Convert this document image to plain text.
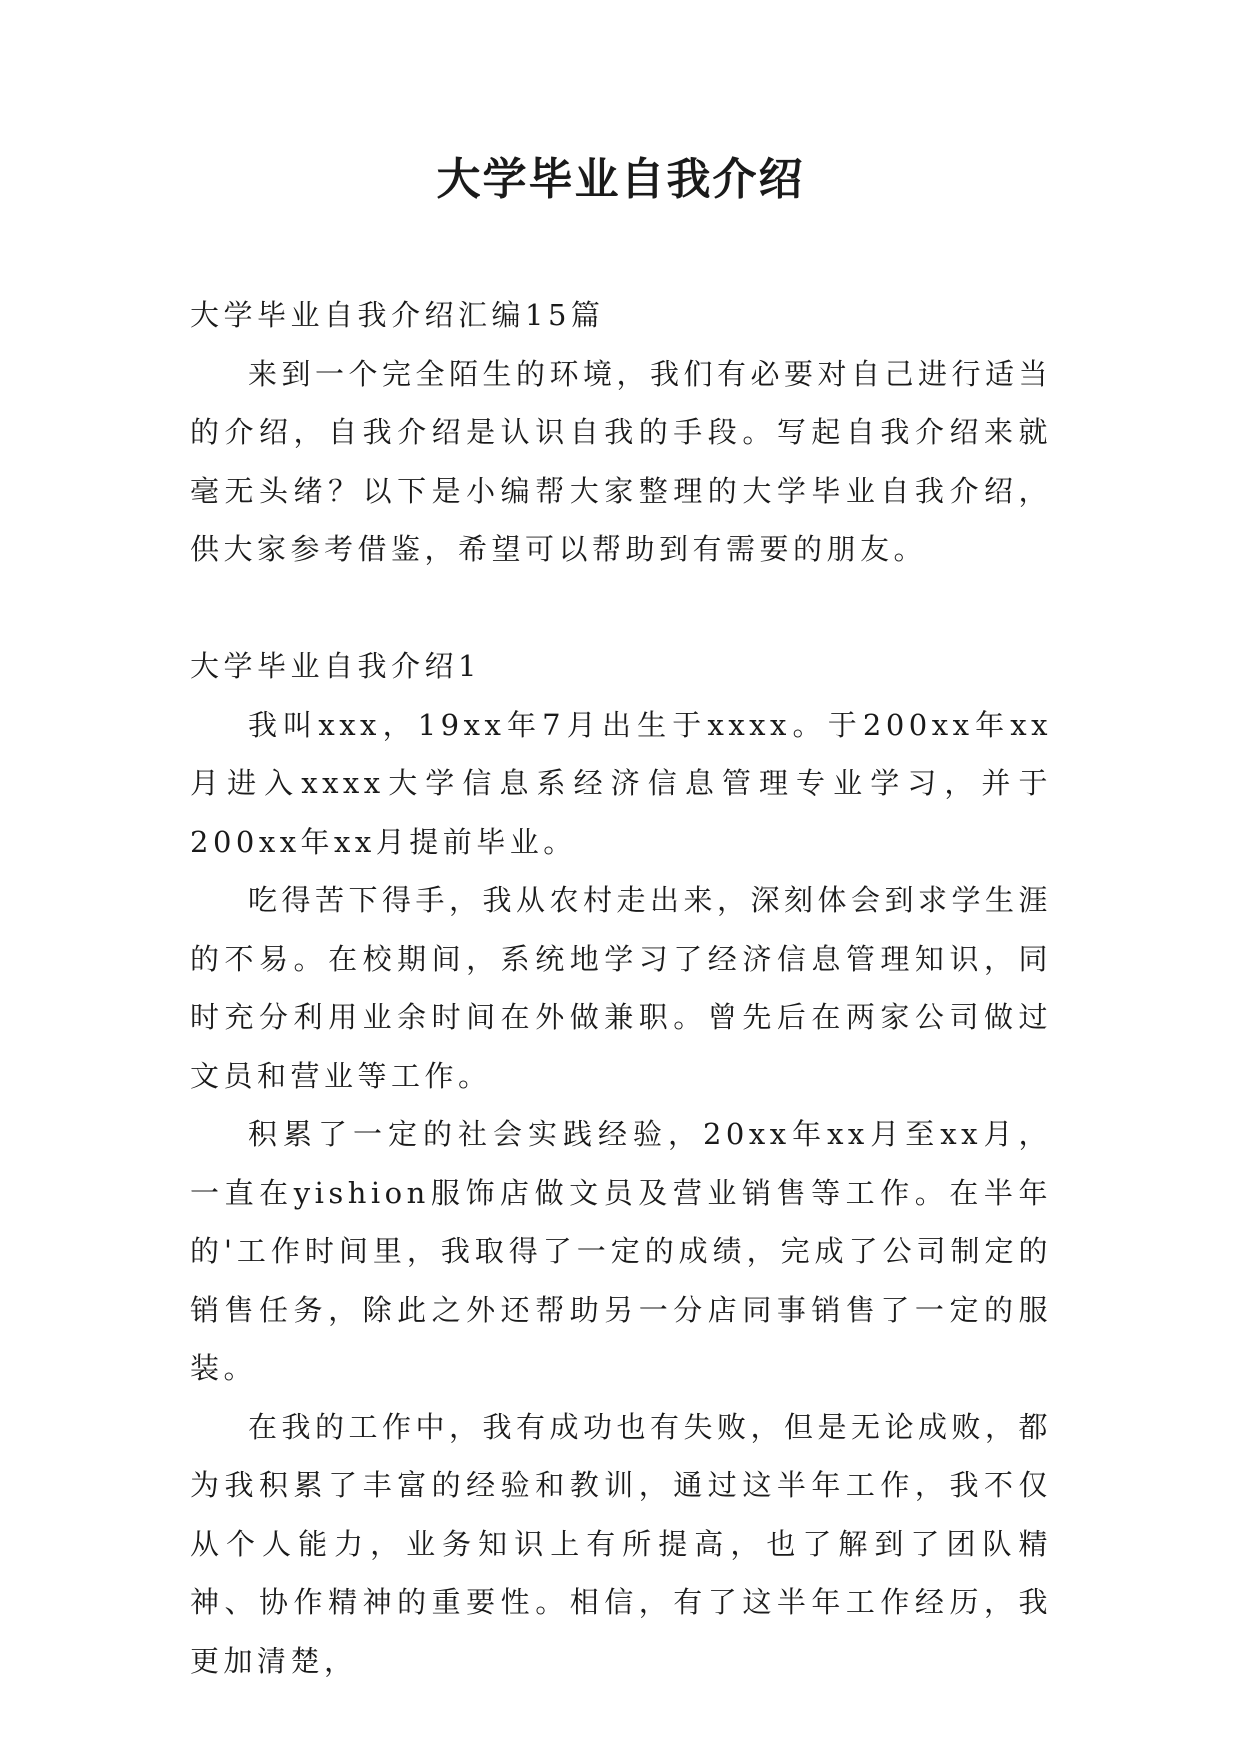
大学毕业自我介绍

大学毕业自我介绍汇编15篇

来到一个完全陌生的环境，我们有必要对自己进行适当的介绍，自我介绍是认识自我的手段。写起自我介绍来就毫无头绪？以下是小编帮大家整理的大学毕业自我介绍，供大家参考借鉴，希望可以帮助到有需要的朋友。

大学毕业自我介绍1

我叫xxx，19xx年7月出生于xxxx。于200xx年xx月进入xxxx大学信息系经济信息管理专业学习，并于200xx年xx月提前毕业。

吃得苦下得手，我从农村走出来，深刻体会到求学生涯的不易。在校期间，系统地学习了经济信息管理知识，同时充分利用业余时间在外做兼职。曾先后在两家公司做过文员和营业等工作。

积累了一定的社会实践经验，20xx年xx月至xx月，一直在yishion服饰店做文员及营业销售等工作。在半年的'工作时间里，我取得了一定的成绩，完成了公司制定的销售任务，除此之外还帮助另一分店同事销售了一定的服装。

在我的工作中，我有成功也有失败，但是无论成败，都为我积累了丰富的经验和教训，通过这半年工作，我不仅从个人能力，业务知识上有所提高，也了解到了团队精神、协作精神的重要性。相信，有了这半年工作经历，我更加清楚，
